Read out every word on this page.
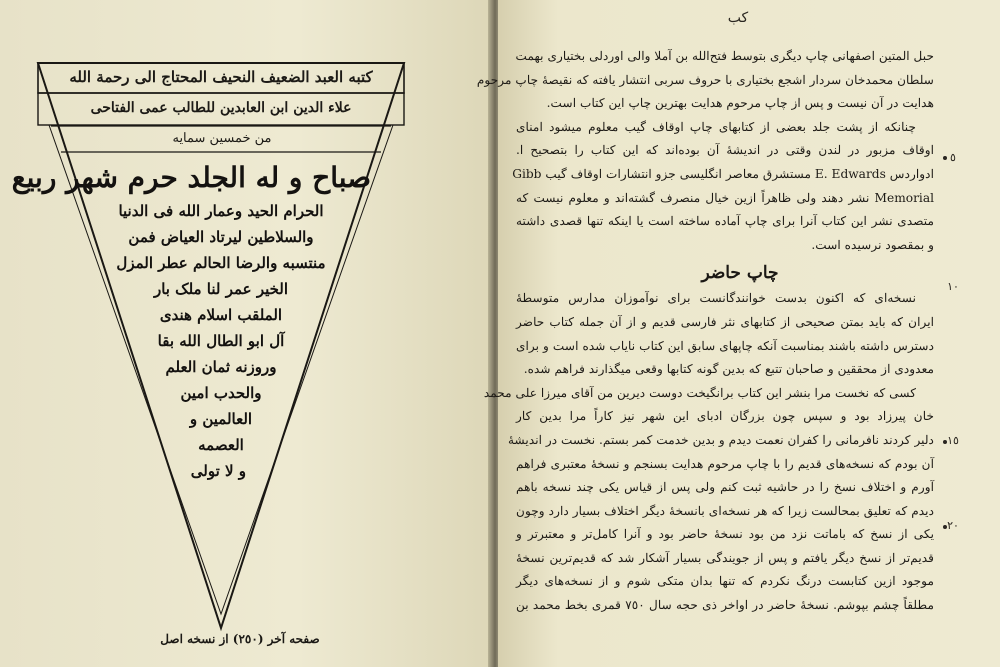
کتبه العبد الضعیف النحیف المحتاج الی رحمة الله
علاء الدین ابن العابدین للطالب عمی الفتاحی
من خمسین سمایه
صباح و له الجلد حرم شهر ربیع
الحرام الحید وعمار الله فی الدنیا
والسلاطین لیرتاد العیاض فمن
منتسبه والرضا الحالم عطر المزل
الخیر عمر لنا ملک بار
الملقب اسلام هندی
آل ابو الطال الله بقا
وروزنه ثمان العلم
والحدب امین
العالمین و
العصمه
و لا تولی
صفحه آخر (٢٥٠) از نسخه اصل
کب
حبل المتین اصفهانی چاپ دیگری بتوسط فتح‌الله بن آملا والی اوردلی بختیاری بهمت
سلطان محمدخان سردار اشجع بختیاری با حروف سربی انتشار یافته که نقیصهٔ چاپ مرحوم
هدایت در آن نیست و پس از چاپ مرحوم هدایت بهترین چاپ این کتاب است.
چنانکه از پشت جلد بعضی از کتابهای چاپ اوقاف گیب معلوم میشود امنای
اوقاف مزبور در لندن وقتی در اندیشهٔ آن بوده‌اند که این کتاب را بتصحیح ا.
ادواردس E. Edwards مستشرق معاصر انگلیسی جزو انتشارات اوقاف گیب Gibb
Memorial نشر دهند ولی ظاهراً ازین خیال منصرف گشته‌اند و معلوم نیست که
متصدی نشر این کتاب آنرا برای چاپ آماده ساخته است یا اینکه تنها قصدی داشته
و بمقصود نرسیده است.
نسخه‌ای که اکنون بدست خوانندگانست برای نوآموزان مدارس متوسطهٔ
ایران که باید بمتن صحیحی از کتابهای نثر فارسی قدیم و از آن جمله کتاب حاضر
دسترس داشته باشند بمناسبت آنکه چاپهای سابق این کتاب نایاب شده است و برای
معدودی از محققین و صاحبان تتبع که بدین گونه کتابها وقعی میگذارند فراهم شده.
کسی که نخست مرا بنشر این کتاب برانگیخت دوست دیرین من آقای میرزا علی محمد
خان پیرزاد بود و سپس چون بزرگان ادبای این شهر نیز کاراً مرا بدین کار
دلیر کردند نافرمانی را کفران نعمت دیدم و بدین خدمت کمر بستم. نخست در اندیشهٔ
آن بودم که نسخه‌های قدیم را با چاپ مرحوم هدایت بسنجم و نسخهٔ معتبری فراهم
آورم و اختلاف نسخ را در حاشیه ثبت کنم ولی پس از قیاس یکی چند نسخه باهم
دیدم که تعلیق بمحالست زیرا که هر نسخه‌ای بانسخهٔ دیگر اختلاف بسیار دارد وچون
یکی از نسخ که باماتت نزد من بود نسخهٔ حاضر بود و آنرا کامل‌تر و معتبرتر و
قدیم‌تر از نسخ دیگر یافتم و پس از جویندگی بسیار آشکار شد که قدیم‌ترین نسخهٔ
موجود ازین کتابست درنگ نکردم که تنها بدان متکی شوم و از نسخه‌های دیگر
مطلقاً چشم بپوشم. نسخهٔ حاضر در اواخر ذی حجه سال ٧٥٠ قمری بخط محمد بن
چاپ حاضر
٥
١٠
١٥
٢٠
